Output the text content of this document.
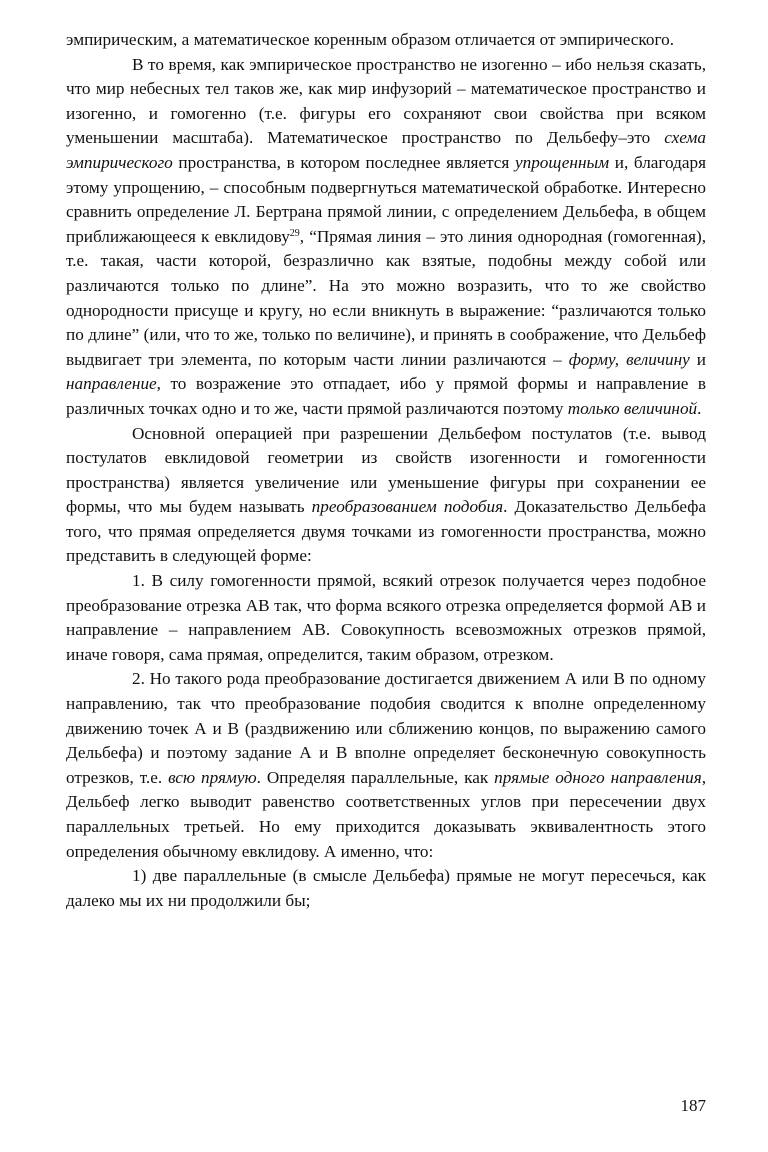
эмпирическим, а математическое коренным образом отличается от эмпирического.

В то время, как эмпирическое пространство не изогенно – ибо нельзя сказать, что мир небесных тел таков же, как мир инфузорий – математическое пространство и изогенно, и гомогенно (т.е. фигуры его сохраняют свои свойства при всяком уменьшении масштаба). Математическое пространство по Дельбефу–это схема эмпирического пространства, в котором последнее является упрощенным и, благодаря этому упрощению, – способным подвергнуться математической обработке. Интересно сравнить определение Л. Бертрана прямой линии, с определением Дельбефа, в общем приближающееся к евклидову$^{29}$, “Прямая линия – это линия однородная (гомогенная), т.е. такая, части которой, безразлично как взятые, подобны между собой или различаются только по длине”. На это можно возразить, что то же свойство однородности присуще и кругу, но если вникнуть в выражение: “различаются только по длине” (или, что то же, только по величине), и принять в соображение, что Дельбеф выдвигает три элемента, по которым части линии различаются – форму, величину и направление, то возражение это отпадает, ибо у прямой формы и направление в различных точках одно и то же, части прямой различаются поэтому только величиной.

Основной операцией при разрешении Дельбефом постулатов (т.е. вывод постулатов евклидовой геометрии из свойств изогенности и гомогенности пространства) является увеличение или уменьшение фигуры при сохранении ее формы, что мы будем называть преобразованием подобия. Доказательство Дельбефа того, что прямая определяется двумя точками из гомогенности пространства, можно представить в следующей форме:

1. В силу гомогенности прямой, всякий отрезок получается через подобное преобразование отрезка АВ так, что форма всякого отрезка определяется формой АВ и направление – направлением АВ. Совокупность всевозможных отрезков прямой, иначе говоря, сама прямая, определится, таким образом, отрезком.

2. Но такого рода преобразование достигается движением А или В по одному направлению, так что преобразование подобия сводится к вполне определенному движению точек А и В (раздвижению или сближению концов, по выражению самого Дельбефа) и поэтому задание А и В вполне определяет бесконечную совокупность отрезков, т.е. всю прямую. Определяя параллельные, как прямые одного направления, Дельбеф легко выводит равенство соответственных углов при пересечении двух параллельных третьей. Но ему приходится доказывать эквивалентность этого определения обычному евклидову. А именно, что:

1) две параллельные (в смысле Дельбефа) прямые не могут пересечься, как далеко мы их ни продолжили бы;

187
